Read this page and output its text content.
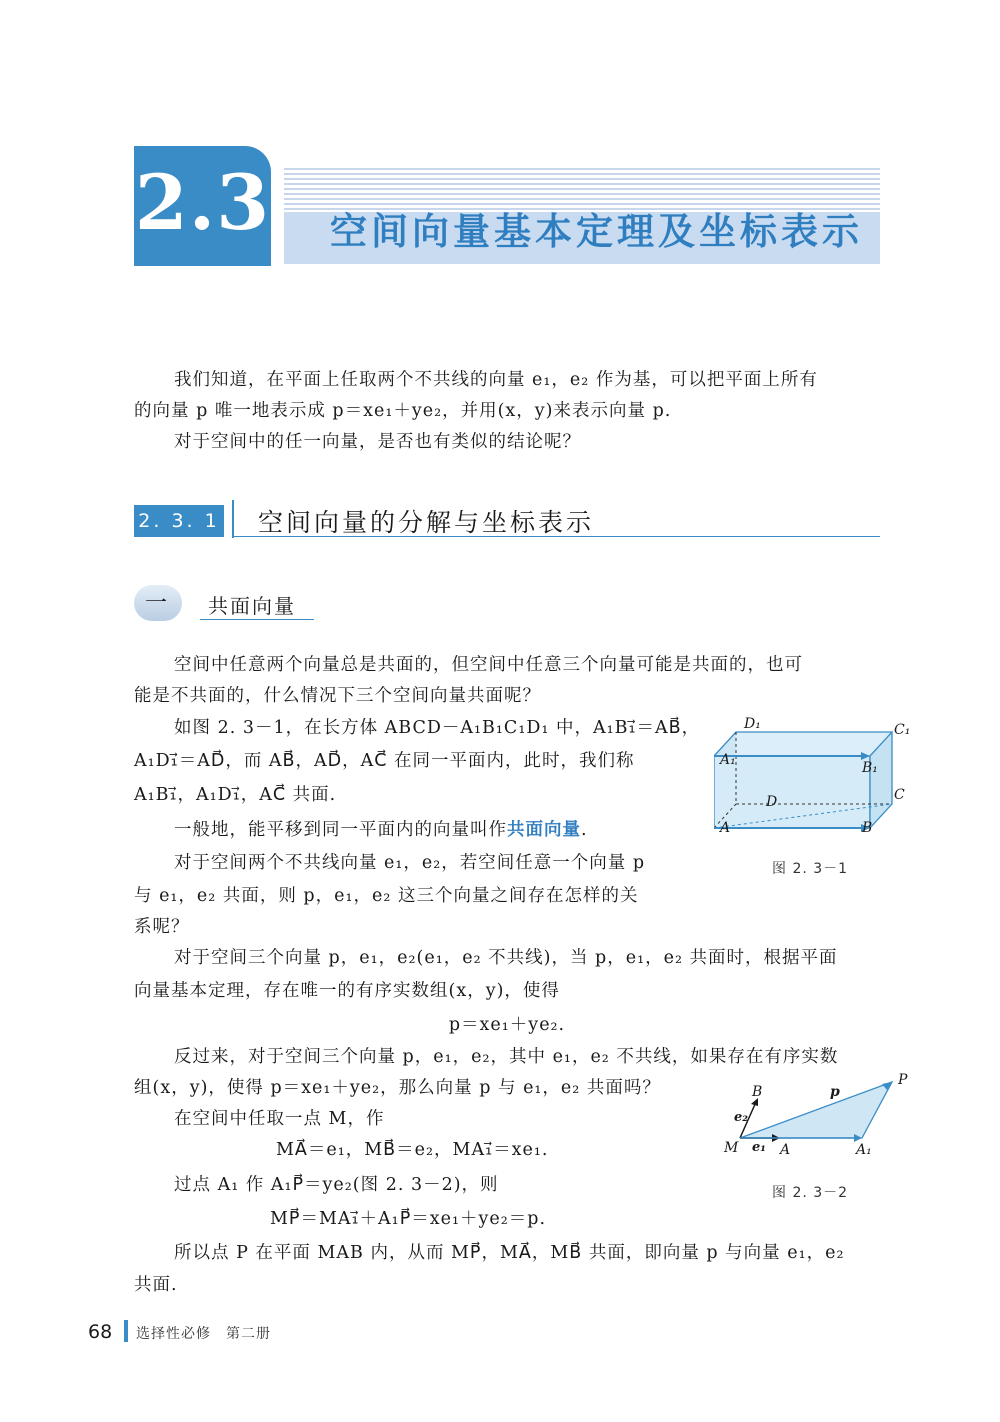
2.3 空间向量基本定理及坐标表示
我们知道，在平面上任取两个不共线的向量 e₁，e₂ 作为基，可以把平面上所有
的向量 p 唯一地表示成 p＝xe₁＋ye₂，并用(x，y)来表示向量 p.
对于空间中的任一向量，是否也有类似的结论呢？
2. 3. 1 空间向量的分解与坐标表示
一 共面向量
空间中任意两个向量总是共面的，但空间中任意三个向量可能是共面的，也可
能是不共面的，什么情况下三个空间向量共面呢？
如图 2. 3－1，在长方体 ABCD－A₁B₁C₁D₁ 中，A₁B₁⃗＝AB⃗，
A₁D₁⃗＝AD⃗，而 AB⃗，AD⃗，AC⃗ 在同一平面内，此时，我们称
A₁B₁⃗，A₁D₁⃗，AC⃗ 共面.
一般地，能平移到同一平面内的向量叫作共面向量.
对于空间两个不共线向量 e₁，e₂，若空间任意一个向量 p
与 e₁，e₂ 共面，则 p，e₁，e₂ 这三个向量之间存在怎样的关
系呢？
对于空间三个向量 p，e₁，e₂(e₁，e₂ 不共线)，当 p，e₁，e₂ 共面时，根据平面
向量基本定理，存在唯一的有序实数组(x，y)，使得
p＝xe₁＋ye₂.
反过来，对于空间三个向量 p，e₁，e₂，其中 e₁，e₂ 不共线，如果存在有序实数
组(x，y)，使得 p＝xe₁＋ye₂，那么向量 p 与 e₁，e₂ 共面吗？
在空间中任取一点 M，作
MA⃗＝e₁，MB⃗＝e₂，MA₁⃗＝xe₁.
过点 A₁ 作 A₁P⃗＝ye₂(图 2. 3－2)，则
MP⃗＝MA₁⃗＋A₁P⃗＝xe₁＋ye₂＝p.
所以点 P 在平面 MAB 内，从而 MP⃗，MA⃗，MB⃗ 共面，即向量 p 与向量 e₁，e₂
共面.
D₁	C₁
A₁	B₁
D	C
A	B
图 2. 3－1
B	p
P
e₂
M e₁ A	A₁
图 2. 3－2
68 选择性必修　第二册
